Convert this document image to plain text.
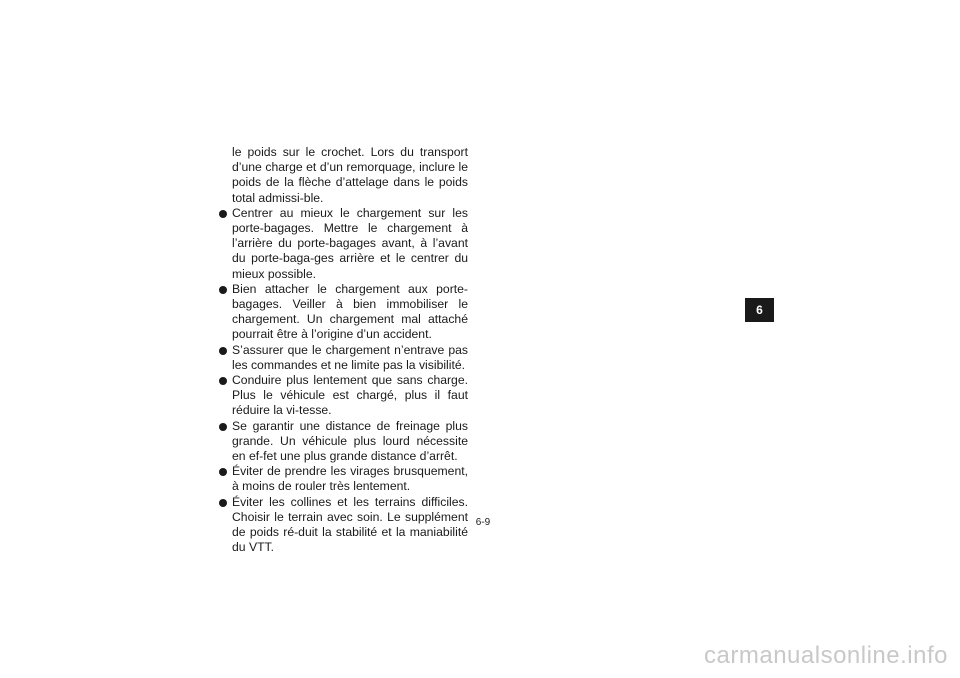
le poids sur le crochet. Lors du transport d’une charge et d’un remorquage, inclure le poids de la flèche d’attelage dans le poids total admissi-ble.

Centrer au mieux le chargement sur les porte-bagages. Mettre le chargement à l’arrière du porte-bagages avant, à l’avant du porte-baga-ges arrière et le centrer du mieux possible.
Bien attacher le chargement aux porte-bagages. Veiller à bien immobiliser le chargement. Un chargement mal attaché pourrait être à l’origine d’un accident.
S’assurer que le chargement n’entrave pas les commandes et ne limite pas la visibilité.
Conduire plus lentement que sans charge. Plus le véhicule est chargé, plus il faut réduire la vi-tesse.
Se garantir une distance de freinage plus grande. Un véhicule plus lourd nécessite en ef-fet une plus grande distance d’arrêt.
Éviter de prendre les virages brusquement, à moins de rouler très lentement.
Éviter les collines et les terrains difficiles. Choisir le terrain avec soin. Le supplément de poids ré-duit la stabilité et la maniabilité du VTT.
6-9
6
carmanualsonline.info
